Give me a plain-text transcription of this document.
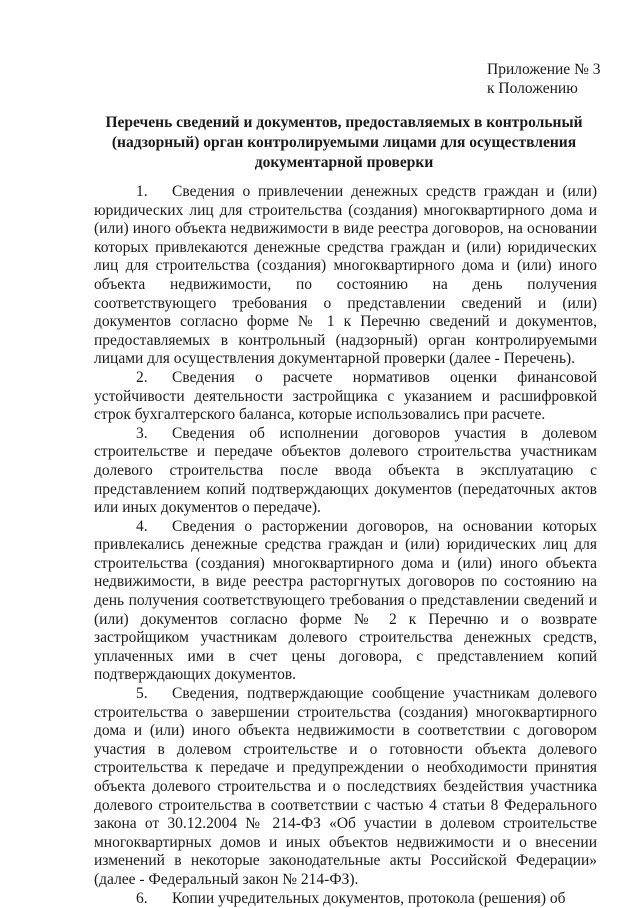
Приложение № 3
к Положению
Перечень сведений и документов, предоставляемых в контрольный (надзорный) орган контролируемыми лицами для осуществления документарной проверки

1. Сведения о привлечении денежных средств граждан и (или) юридических лиц для строительства (создания) многоквартирного дома и (или) иного объекта недвижимости в виде реестра договоров, на основании которых привлекаются денежные средства граждан и (или) юридических лиц для строительства (создания) многоквартирного дома и (или) иного объекта недвижимости, по состоянию на день получения соответствующего требования о представлении сведений и (или) документов согласно форме № 1 к Перечню сведений и документов, предоставляемых в контрольный (надзорный) орган контролируемыми лицами для осуществления документарной проверки (далее - Перечень).

2. Сведения о расчете нормативов оценки финансовой устойчивости деятельности застройщика с указанием и расшифровкой строк бухгалтерского баланса, которые использовались при расчете.

3. Сведения об исполнении договоров участия в долевом строительстве и передаче объектов долевого строительства участникам долевого строительства после ввода объекта в эксплуатацию с представлением копий подтверждающих документов (передаточных актов или иных документов о передаче).

4. Сведения о расторжении договоров, на основании которых привлекались денежные средства граждан и (или) юридических лиц для строительства (создания) многоквартирного дома и (или) иного объекта недвижимости, в виде реестра расторгнутых договоров по состоянию на день получения соответствующего требования о представлении сведений и (или) документов согласно форме № 2 к Перечню и о возврате застройщиком участникам долевого строительства денежных средств, уплаченных ими в счет цены договора, с представлением копий подтверждающих документов.

5. Сведения, подтверждающие сообщение участникам долевого строительства о завершении строительства (создания) многоквартирного дома и (или) иного объекта недвижимости в соответствии с договором участия в долевом строительстве и о готовности объекта долевого строительства к передаче и предупреждении о необходимости принятия объекта долевого строительства и о последствиях бездействия участника долевого строительства в соответствии с частью 4 статьи 8 Федерального закона от 30.12.2004 № 214-ФЗ «Об участии в долевом строительстве многоквартирных домов и иных объектов недвижимости и о внесении изменений в некоторые законодательные акты Российской Федерации» (далее - Федеральный закон № 214-ФЗ).

6. Копии учредительных документов, протокола (решения) об
